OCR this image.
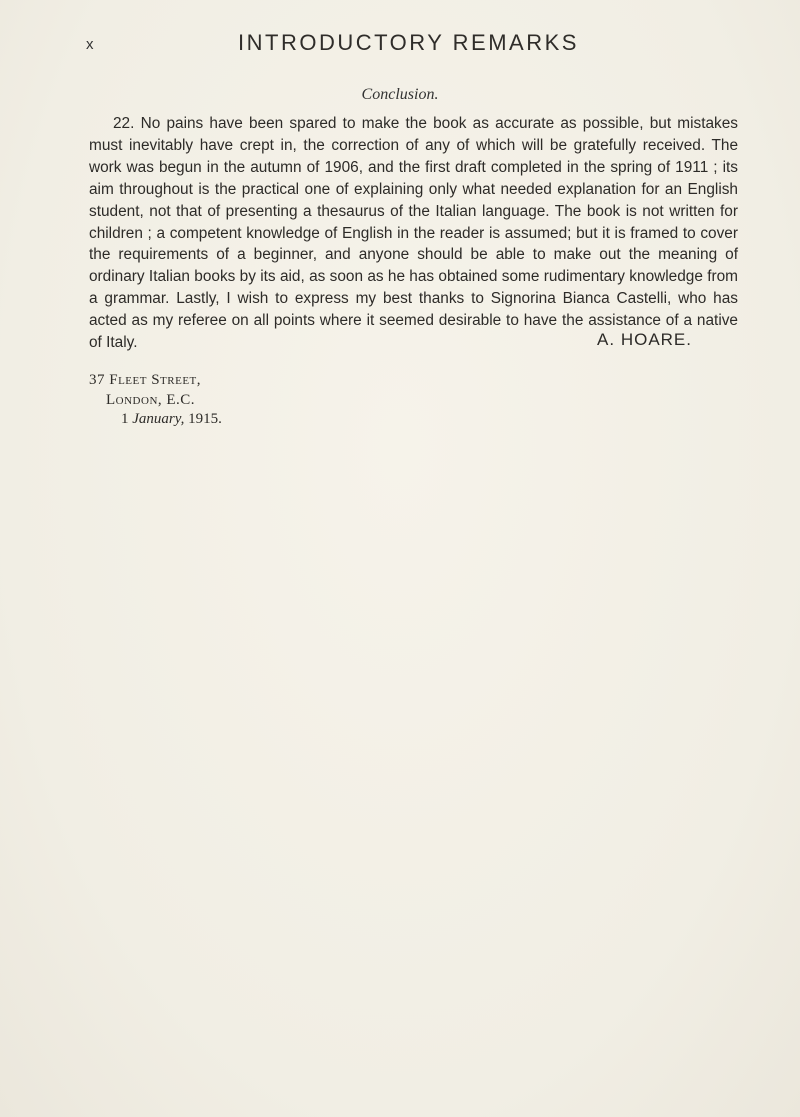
x	INTRODUCTORY REMARKS
Conclusion.

22. No pains have been spared to make the book as accurate as possible, but mistakes must inevitably have crept in, the correction of any of which will be gratefully received. The work was begun in the autumn of 1906, and the first draft completed in the spring of 1911 ; its aim throughout is the practical one of explaining only what needed explanation for an English student, not that of presenting a thesaurus of the Italian language. The book is not written for children ; a competent knowledge of English in the reader is assumed; but it is framed to cover the requirements of a beginner, and anyone should be able to make out the meaning of ordinary Italian books by its aid, as soon as he has obtained some rudimentary knowledge from a grammar. Lastly, I wish to express my best thanks to Signorina Bianca Castelli, who has acted as my referee on all points where it seemed desirable to have the assistance of a native of Italy.	A. HOARE.
37 Fleet Street,
London, E.C.
1 January, 1915.
